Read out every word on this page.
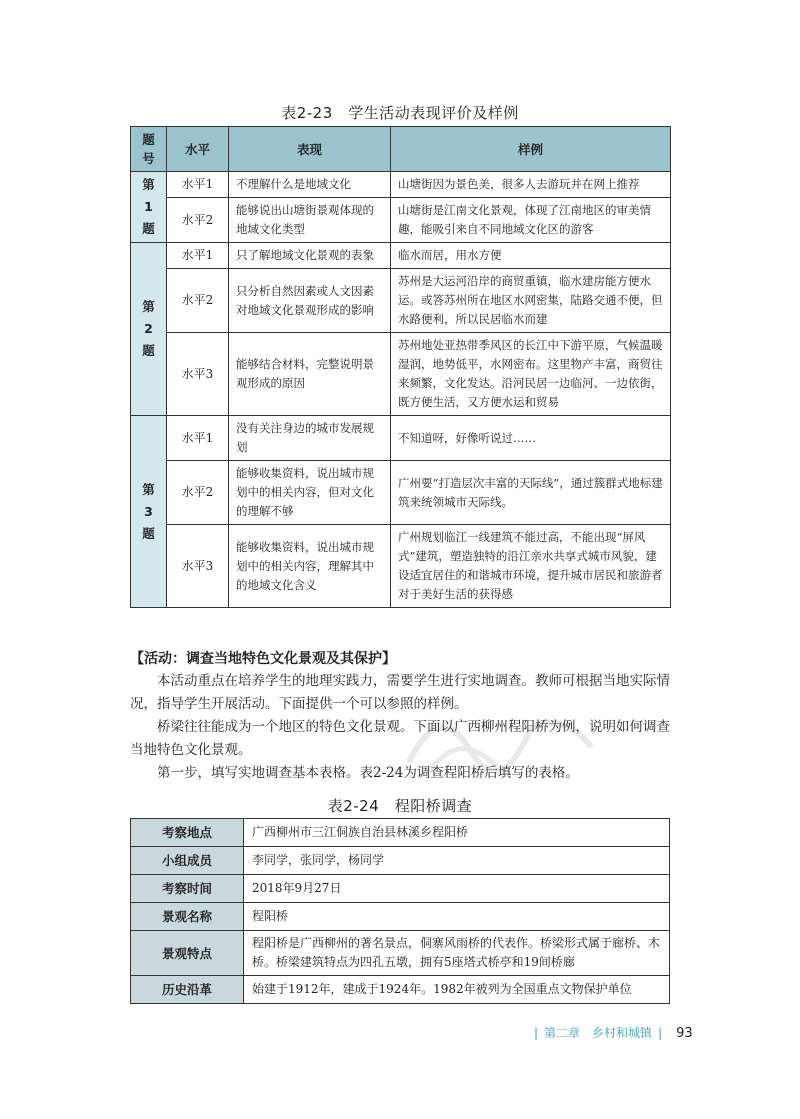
表2-23　学生活动表现评价及样例
题号	水平	表现	样例

第
1
题	水平1	不理解什么是地域文化	山塘街因为景色美，很多人去游玩并在网上推荐
	水平2	能够说出山塘街景观体现的地域文化类型	山塘街是江南文化景观，体现了江南地区的审美情趣，能吸引来自不同地域文化区的游客

第
2
题	水平1	只了解地域文化景观的表象	临水而居，用水方便
	水平2	只分析自然因素或人文因素对地域文化景观形成的影响	苏州是大运河沿岸的商贸重镇，临水建房能方便水运。或答苏州所在地区水网密集，陆路交通不便，但水路便利，所以民居临水而建
	水平3	能够结合材料，完整说明景观形成的原因	苏州地处亚热带季风区的长江中下游平原，气候温暖湿润，地势低平，水网密布。这里物产丰富，商贸往来频繁，文化发达。沿河民居一边临河、一边依街，既方便生活，又方便水运和贸易

第
3
题	水平1	没有关注身边的城市发展规划	不知道呀，好像听说过……
	水平2	能够收集资料，说出城市规划中的相关内容，但对文化的理解不够	广州要“打造层次丰富的天际线”，通过簇群式地标建筑来统领城市天际线。
	水平3	能够收集资料，说出城市规划中的相关内容，理解其中的地域文化含义	广州规划临江一线建筑不能过高，不能出现“屏风式”建筑，塑造独特的沿江亲水共享式城市风貌，建设适宜居住的和谐城市环境，提升城市居民和旅游者对于美好生活的获得感
【活动：调查当地特色文化景观及其保护】
本活动重点在培养学生的地理实践力，需要学生进行实地调查。教师可根据当地实际情况，指导学生开展活动。下面提供一个可以参照的样例。
桥梁往往能成为一个地区的特色文化景观。下面以广西柳州程阳桥为例，说明如何调查当地特色文化景观。
第一步，填写实地调查基本表格。表2-24为调查程阳桥后填写的表格。
表2-24　程阳桥调查
考察地点	广西柳州市三江侗族自治县林溪乡程阳桥
小组成员	李同学，张同学，杨同学
考察时间	2018年9月27日
景观名称	程阳桥
景观特点	程阳桥是广西柳州的著名景点，侗寨风雨桥的代表作。桥梁形式属于廊桥、木桥。桥梁建筑特点为四孔五墩，拥有5座塔式桥亭和19间桥廊
历史沿革	始建于1912年，建成于1924年。1982年被列为全国重点文物保护单位
| 第二章　乡村和城镇 | 93
